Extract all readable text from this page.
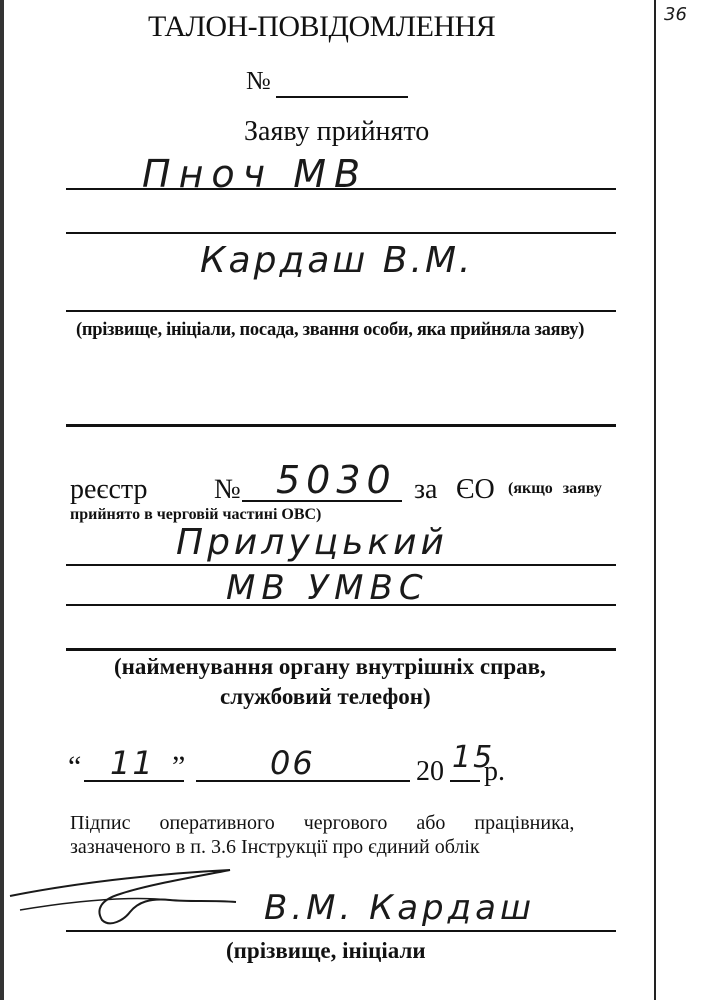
36
ТАЛОН-ПОВІДОМЛЕННЯ
№
Заяву прийнято
Пноч МВ
Кардаш В.М.
(прізвище, ініціали, посада, звання особи, яка прийняла заяву)
реєстр № 5030 за ЄО (якщо заяву
прийнято в черговій частині ОВС)
Прилуцький
МВ УМВС
(найменування органу внутрішніх справ,
службовий телефон)
“ 11 ”	06	20 15
р.
Підпис оперативного чергового або працівника,
зазначеного в п. 3.6 Інструкції про єдиний облік
В.М. Кардаш
(прізвище, ініціали
